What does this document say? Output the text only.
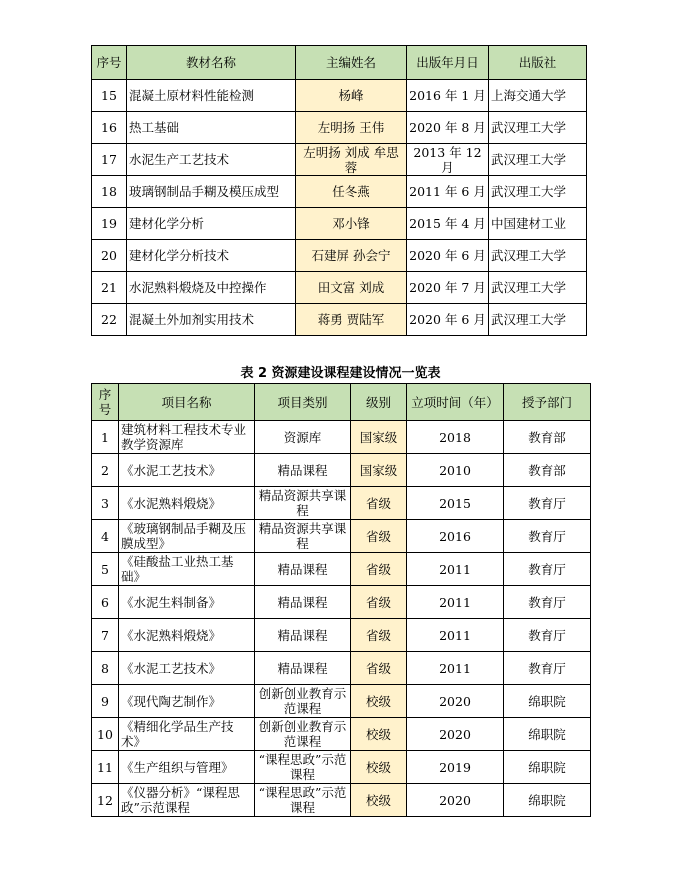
序号	教材名称	主编姓名	出版年月日	出版社
15	混凝土原材料性能检测	杨峰	2016 年 1 月	上海交通大学
16	热工基础	左明扬 王伟	2020 年 8 月	武汉理工大学
17	水泥生产工艺技术	左明扬 刘成 牟思蓉	2013 年 12 月	武汉理工大学
18	玻璃钢制品手糊及模压成型	任冬燕	2011 年 6 月	武汉理工大学
19	建材化学分析	邓小锋	2015 年 4 月	中国建材工业
20	建材化学分析技术	石建屏 孙会宁	2020 年 6 月	武汉理工大学
21	水泥熟料煅烧及中控操作	田文富 刘成	2020 年 7 月	武汉理工大学
22	混凝土外加剂实用技术	蒋勇 贾陆军	2020 年 6 月	武汉理工大学
表 2 资源建设课程建设情况一览表
序号	项目名称	项目类别	级别	立项时间（年）	授予部门
1	建筑材料工程技术专业教学资源库	资源库	国家级	2018	教育部
2	《水泥工艺技术》	精品课程	国家级	2010	教育部
3	《水泥熟料煅烧》	精品资源共享课程	省级	2015	教育厅
4	《玻璃钢制品手糊及压膜成型》	精品资源共享课程	省级	2016	教育厅
5	《硅酸盐工业热工基础》	精品课程	省级	2011	教育厅
6	《水泥生料制备》	精品课程	省级	2011	教育厅
7	《水泥熟料煅烧》	精品课程	省级	2011	教育厅
8	《水泥工艺技术》	精品课程	省级	2011	教育厅
9	《现代陶艺制作》	创新创业教育示范课程	校级	2020	绵职院
10	《精细化学品生产技术》	创新创业教育示范课程	校级	2020	绵职院
11	《生产组织与管理》	“课程思政”示范课程	校级	2019	绵职院
12	《仪器分析》“课程思政”示范课程	“课程思政”示范课程	校级	2020	绵职院
